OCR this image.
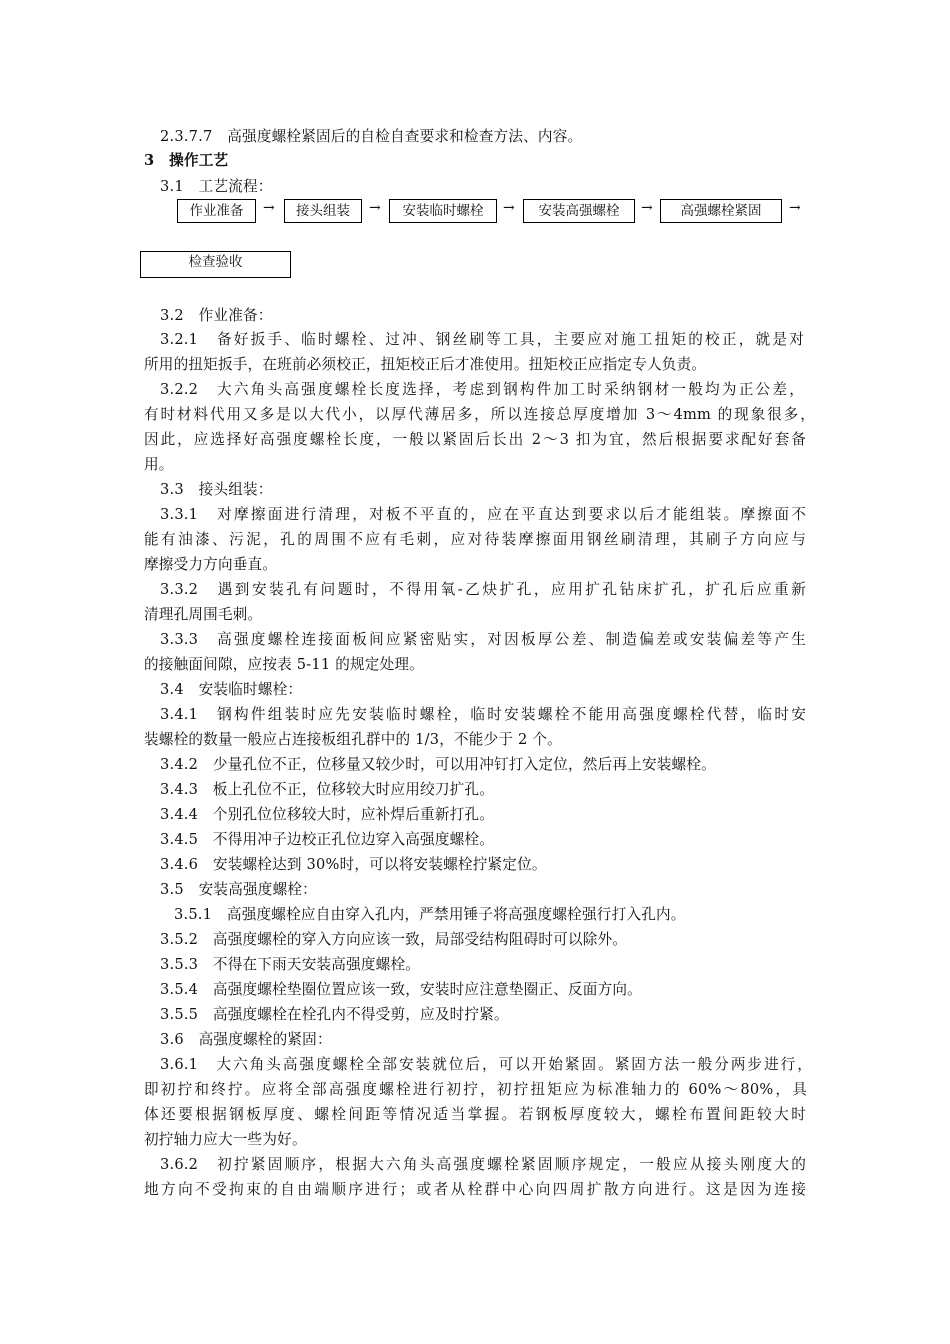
2.3.7.7　高强度螺栓紧固后的自检自查要求和检查方法、内容。
3　操作工艺
3.1　工艺流程：
作业准备	→	接头组装	→	安装临时螺栓	→	安装高强螺栓	→	高强螺栓紧固	→
检查验收
3.2　作业准备：
3.2.1　备好扳手、临时螺栓、过冲、钢丝刷等工具，主要应对施工扭矩的校正，就是对
所用的扭矩扳手，在班前必须校正，扭矩校正后才准使用。扭矩校正应指定专人负责。
3.2.2　大六角头高强度螺栓长度选择，考虑到钢构件加工时采纳钢材一般均为正公差，
有时材料代用又多是以大代小，以厚代薄居多，所以连接总厚度增加 3～4mm 的现象很多，
因此，应选择好高强度螺栓长度，一般以紧固后长出 2～3 扣为宜，然后根据要求配好套备
用。
3.3　接头组装：
3.3.1　对摩擦面进行清理，对板不平直的，应在平直达到要求以后才能组装。摩擦面不
能有油漆、污泥，孔的周围不应有毛刺，应对待装摩擦面用钢丝刷清理，其刷子方向应与
摩擦受力方向垂直。
3.3.2　遇到安装孔有问题时，不得用氧-乙炔扩孔，应用扩孔钻床扩孔，扩孔后应重新
清理孔周围毛刺。
3.3.3　高强度螺栓连接面板间应紧密贴实，对因板厚公差、制造偏差或安装偏差等产生
的接触面间隙，应按表 5-11 的规定处理。
3.4　安装临时螺栓：
3.4.1　钢构件组装时应先安装临时螺栓，临时安装螺栓不能用高强度螺栓代替，临时安
装螺栓的数量一般应占连接板组孔群中的 1/3，不能少于 2 个。
3.4.2　少量孔位不正，位移量又较少时，可以用冲钉打入定位，然后再上安装螺栓。
3.4.3　板上孔位不正，位移较大时应用绞刀扩孔。
3.4.4　个别孔位位移较大时，应补焊后重新打孔。
3.4.5　不得用冲子边校正孔位边穿入高强度螺栓。
3.4.6　安装螺栓达到 30%时，可以将安装螺栓拧紧定位。
3.5　安装高强度螺栓：
3.5.1　高强度螺栓应自由穿入孔内，严禁用锤子将高强度螺栓强行打入孔内。
3.5.2　高强度螺栓的穿入方向应该一致，局部受结构阻碍时可以除外。
3.5.3　不得在下雨天安装高强度螺栓。
3.5.4　高强度螺栓垫圈位置应该一致，安装时应注意垫圈正、反面方向。
3.5.5　高强度螺栓在栓孔内不得受剪，应及时拧紧。
3.6　高强度螺栓的紧固：
3.6.1　大六角头高强度螺栓全部安装就位后，可以开始紧固。紧固方法一般分两步进行，
即初拧和终拧。应将全部高强度螺栓进行初拧，初拧扭矩应为标准轴力的 60%～80%，具
体还要根据钢板厚度、螺栓间距等情况适当掌握。若钢板厚度较大，螺栓布置间距较大时
初拧轴力应大一些为好。
3.6.2　初拧紧固顺序，根据大六角头高强度螺栓紧固顺序规定，一般应从接头刚度大的
地方向不受拘束的自由端顺序进行；或者从栓群中心向四周扩散方向进行。这是因为连接
